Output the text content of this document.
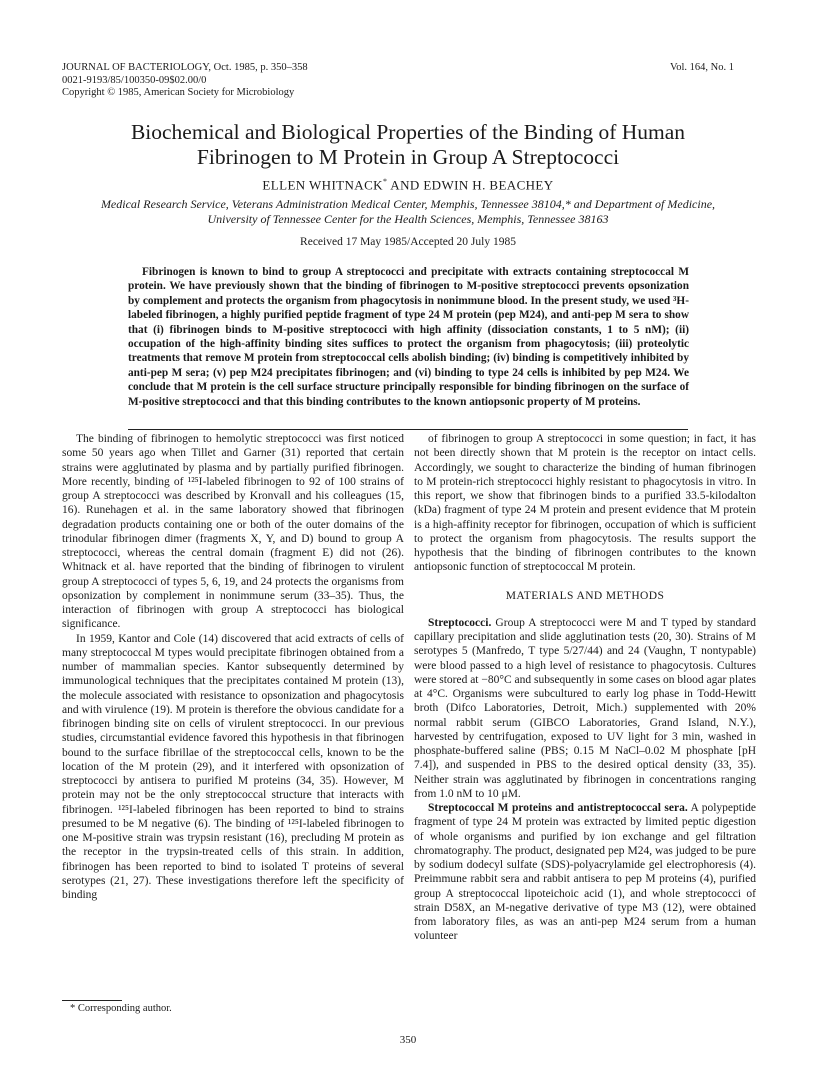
JOURNAL OF BACTERIOLOGY, Oct. 1985, p. 350–358
0021-9193/85/100350-09$02.00/0
Copyright © 1985, American Society for Microbiology
Vol. 164, No. 1
Biochemical and Biological Properties of the Binding of Human
Fibrinogen to M Protein in Group A Streptococci
ELLEN WHITNACK* AND EDWIN H. BEACHEY
Medical Research Service, Veterans Administration Medical Center, Memphis, Tennessee 38104,* and Department of Medicine, University of Tennessee Center for the Health Sciences, Memphis, Tennessee 38163
Received 17 May 1985/Accepted 20 July 1985

Fibrinogen is known to bind to group A streptococci and precipitate with extracts containing streptococcal M protein. We have previously shown that the binding of fibrinogen to M-positive streptococci prevents opsonization by complement and protects the organism from phagocytosis in nonimmune blood. In the present study, we used ³H-labeled fibrinogen, a highly purified peptide fragment of type 24 M protein (pep M24), and anti-pep M sera to show that (i) fibrinogen binds to M-positive streptococci with high affinity (dissociation constants, 1 to 5 nM); (ii) occupation of the high-affinity binding sites suffices to protect the organism from phagocytosis; (iii) proteolytic treatments that remove M protein from streptococcal cells abolish binding; (iv) binding is competitively inhibited by anti-pep M sera; (v) pep M24 precipitates fibrinogen; and (vi) binding to type 24 cells is inhibited by pep M24. We conclude that M protein is the cell surface structure principally responsible for binding fibrinogen on the surface of M-positive streptococci and that this binding contributes to the known antiopsonic property of M proteins.

The binding of fibrinogen to hemolytic streptococci was first noticed some 50 years ago when Tillet and Garner (31) reported that certain strains were agglutinated by plasma and by partially purified fibrinogen. More recently, binding of ¹²⁵I-labeled fibrinogen to 92 of 100 strains of group A streptococci was described by Kronvall and his colleagues (15, 16). Runehagen et al. in the same laboratory showed that fibrinogen degradation products containing one or both of the outer domains of the trinodular fibrinogen dimer (fragments X, Y, and D) bound to group A streptococci, whereas the central domain (fragment E) did not (26). Whitnack et al. have reported that the binding of fibrinogen to virulent group A streptococci of types 5, 6, 19, and 24 protects the organisms from opsonization by complement in nonimmune serum (33–35). Thus, the interaction of fibrinogen with group A streptococci has biological significance.

In 1959, Kantor and Cole (14) discovered that acid extracts of cells of many streptococcal M types would precipitate fibrinogen obtained from a number of mammalian species. Kantor subsequently determined by immunological techniques that the precipitates contained M protein (13), the molecule associated with resistance to opsonization and phagocytosis and with virulence (19). M protein is therefore the obvious candidate for a fibrinogen binding site on cells of virulent streptococci. In our previous studies, circumstantial evidence favored this hypothesis in that fibrinogen bound to the surface fibrillae of the streptococcal cells, known to be the location of the M protein (29), and it interfered with opsonization of streptococci by antisera to purified M proteins (34, 35). However, M protein may not be the only streptococcal structure that interacts with fibrinogen. ¹²⁵I-labeled fibrinogen has been reported to bind to strains presumed to be M negative (6). The binding of ¹²⁵I-labeled fibrinogen to one M-positive strain was trypsin resistant (16), precluding M protein as the receptor in the trypsin-treated cells of this strain. In addition, fibrinogen has been reported to bind to isolated T proteins of several serotypes (21, 27). These investigations therefore left the specificity of binding

of fibrinogen to group A streptococci in some question; in fact, it has not been directly shown that M protein is the receptor on intact cells. Accordingly, we sought to characterize the binding of human fibrinogen to M protein-rich streptococci highly resistant to phagocytosis in vitro. In this report, we show that fibrinogen binds to a purified 33.5-kilodalton (kDa) fragment of type 24 M protein and present evidence that M protein is a high-affinity receptor for fibrinogen, occupation of which is sufficient to protect the organism from phagocytosis. The results support the hypothesis that the binding of fibrinogen contributes to the known antiopsonic function of streptococcal M protein.

MATERIALS AND METHODS

Streptococci. Group A streptococci were M and T typed by standard capillary precipitation and slide agglutination tests (20, 30). Strains of M serotypes 5 (Manfredo, T type 5/27/44) and 24 (Vaughn, T nontypable) were blood passed to a high level of resistance to phagocytosis. Cultures were stored at −80°C and subsequently in some cases on blood agar plates at 4°C. Organisms were subcultured to early log phase in Todd-Hewitt broth (Difco Laboratories, Detroit, Mich.) supplemented with 20% normal rabbit serum (GIBCO Laboratories, Grand Island, N.Y.), harvested by centrifugation, exposed to UV light for 3 min, washed in phosphate-buffered saline (PBS; 0.15 M NaCl–0.02 M phosphate [pH 7.4]), and suspended in PBS to the desired optical density (33, 35). Neither strain was agglutinated by fibrinogen in concentrations ranging from 1.0 nM to 10 μM.

Streptococcal M proteins and antistreptococcal sera. A polypeptide fragment of type 24 M protein was extracted by limited peptic digestion of whole organisms and purified by ion exchange and gel filtration chromatography. The product, designated pep M24, was judged to be pure by sodium dodecyl sulfate (SDS)-polyacrylamide gel electrophoresis (4). Preimmune rabbit sera and rabbit antisera to pep M proteins (4), purified group A streptococcal lipoteichoic acid (1), and whole streptococci of strain D58X, an M-negative derivative of type M3 (12), were obtained from laboratory files, as was an anti-pep M24 serum from a human volunteer

* Corresponding author.
350
